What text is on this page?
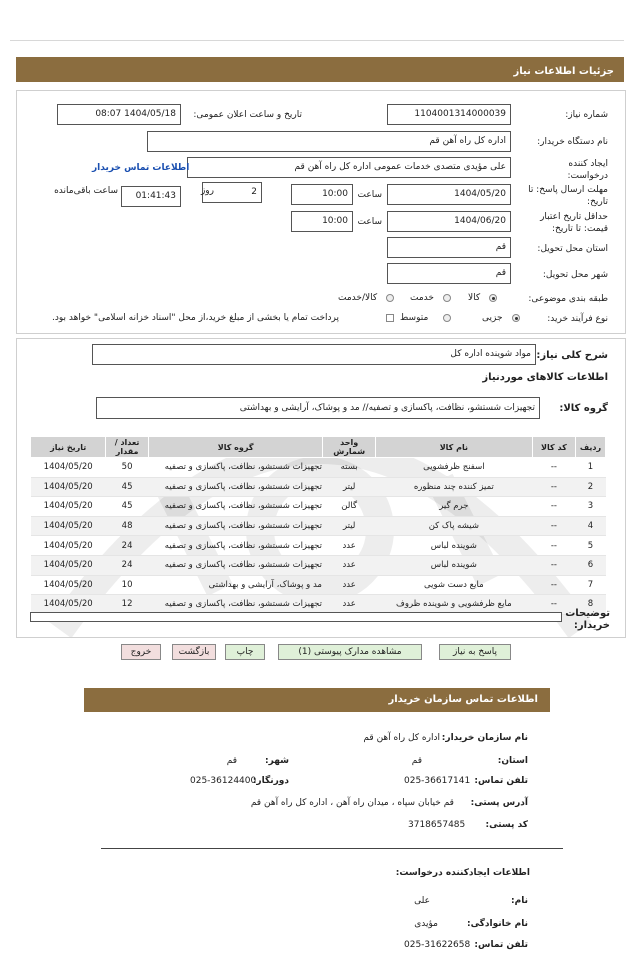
جزئیات اطلاعات نیاز
شماره نیاز:
1104001314000039
تاریخ و ساعت اعلان عمومی:
1404/05/18 08:07
نام دستگاه خریدار:
اداره کل راه آهن قم
ایجاد کننده درخواست:
علی مؤیدی متصدی خدمات عمومی اداره کل راه آهن قم
اطلاعات تماس خریدار
مهلت ارسال پاسخ: تا تاریخ:
1404/05/20
ساعت
10:00
2
روز
01:41:43
ساعت باقی‌مانده
حداقل تاریخ اعتبار قیمت: تا تاریخ:
1404/06/20
ساعت
10:00
استان محل تحویل:
قم
شهر محل تحویل:
قم
طبقه بندی موضوعی:
کالا
خدمت
کالا/خدمت
نوع فرآیند خرید:
جزیی
متوسط
پرداخت تمام یا بخشی از مبلغ خرید،از محل "اسناد خزانه اسلامی" خواهد بود.
شرح کلی نیاز:
مواد شوینده اداره کل
اطلاعات کالاهای موردنیاز
گروه کالا:
تجهیزات شستشو، نظافت، پاکسازی و تصفیه// مد و پوشاک، آرایشی و بهداشتی
ردیف	کد کالا	نام کالا	واحد شمارش	گروه کالا	تعداد / مقدار	تاریخ نیاز
1	--	اسفنج ظرفشویی	بسته	تجهیزات شستشو، نظافت، پاکسازی و تصفیه	50	1404/05/20
2	--	تمیز کننده چند منظوره	لیتر	تجهیزات شستشو، نظافت، پاکسازی و تصفیه	45	1404/05/20
3	--	جرم گیر	گالن	تجهیزات شستشو، نظافت، پاکسازی و تصفیه	45	1404/05/20
4	--	شیشه پاک کن	لیتر	تجهیزات شستشو، نظافت، پاکسازی و تصفیه	48	1404/05/20
5	--	شوینده لباس	عدد	تجهیزات شستشو، نظافت، پاکسازی و تصفیه	24	1404/05/20
6	--	شوینده لباس	عدد	تجهیزات شستشو، نظافت، پاکسازی و تصفیه	24	1404/05/20
7	--	مایع دست شویی	عدد	مد و پوشاک، آرایشی و بهداشتی	10	1404/05/20
8	--	مایع ظرفشویی و شوینده ظروف	عدد	تجهیزات شستشو، نظافت، پاکسازی و تصفیه	12	1404/05/20
توضیحات خریدار:
پاسخ به نیاز
مشاهده مدارک پیوستی (1)
چاپ
بازگشت
خروج
اطلاعات تماس سازمان خریدار
نام سازمان خریدار:
اداره کل راه آهن قم
استان:
قم
شهر:
قم
تلفن تماس:
025-36617141
دورنگار:
025-36124400
آدرس پستی:
قم خیابان سپاه ، میدان راه آهن ، اداره کل راه آهن قم
کد پستی:
3718657485
اطلاعات ایجادکننده درخواست:
نام:
علی
نام خانوادگی:
مؤیدی
تلفن تماس:
025-31622658
